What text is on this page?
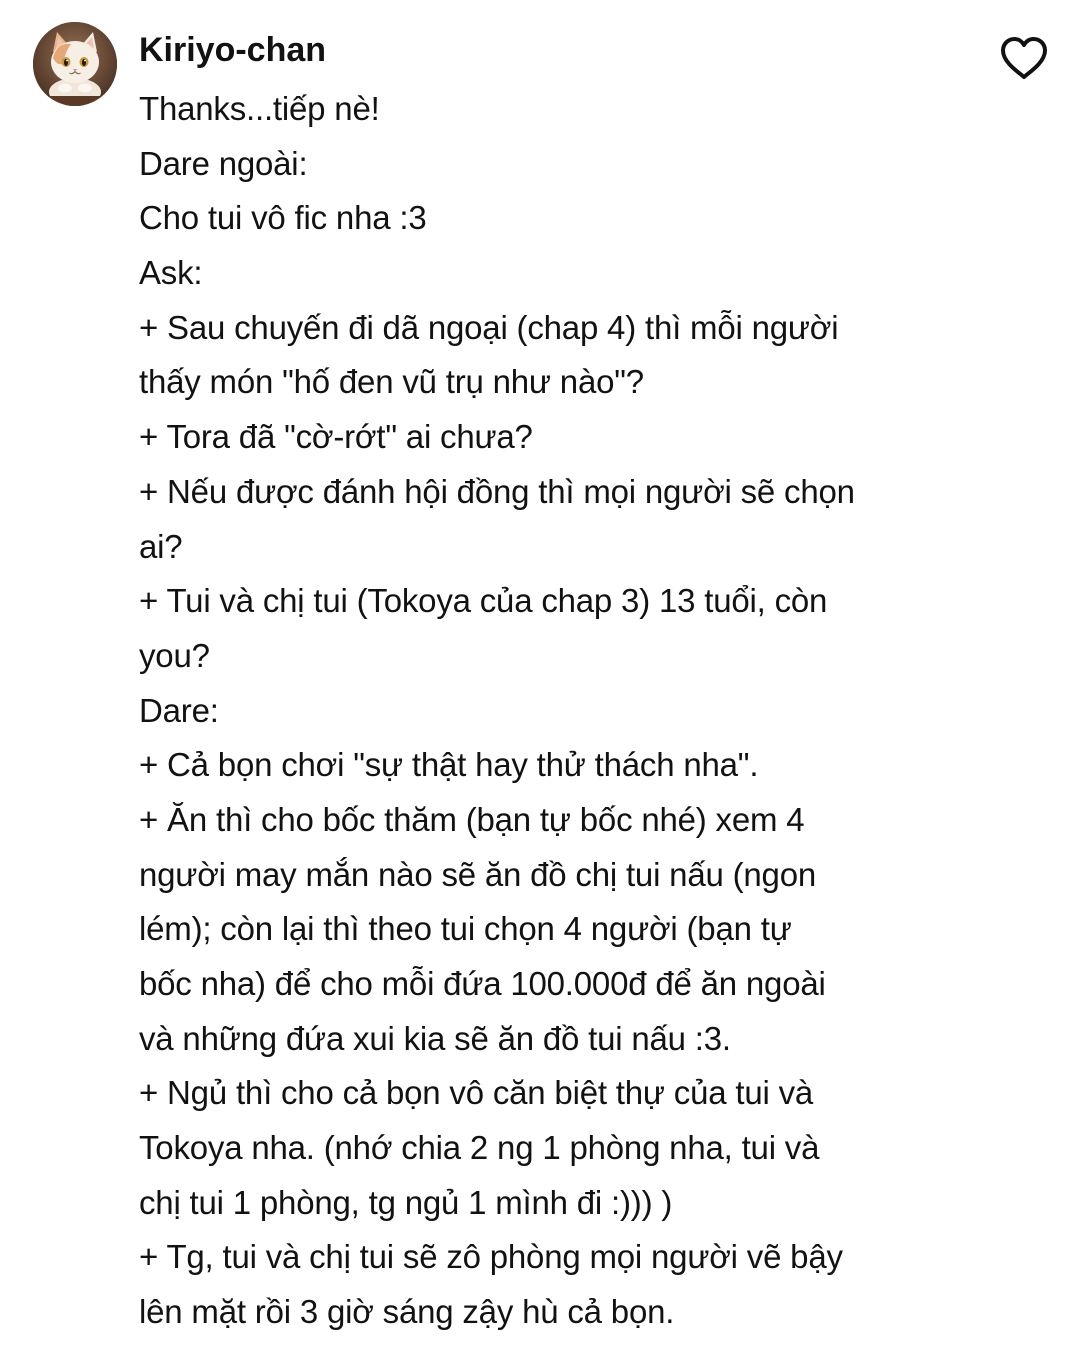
Kiriyo-chan
Thanks...tiếp nè!
Dare ngoài:
Cho tui vô fic nha :3
Ask:
+ Sau chuyến đi dã ngoại (chap 4) thì mỗi người
thấy món "hố đen vũ trụ như nào"?
+ Tora đã "cờ-rớt" ai chưa?
+ Nếu được đánh hội đồng thì mọi người sẽ chọn
ai?
+ Tui và chị tui (Tokoya của chap 3) 13 tuổi, còn
you?
Dare:
+ Cả bọn chơi "sự thật hay thử thách nha".
+ Ăn thì cho bốc thăm (bạn tự bốc nhé) xem 4
người may mắn nào sẽ ăn đồ chị tui nấu (ngon
lém); còn lại thì theo tui chọn 4 người (bạn tự
bốc nha) để cho mỗi đứa 100.000đ để ăn ngoài
và những đứa xui kia sẽ ăn đồ tui nấu :3.
+ Ngủ thì cho cả bọn vô căn biệt thự của tui và
Tokoya nha. (nhớ chia 2 ng 1 phòng nha, tui và
chị tui 1 phòng, tg ngủ 1 mình đi :))) )
+ Tg, tui và chị tui sẽ zô phòng mọi người vẽ bậy
lên mặt rồi 3 giờ sáng zậy hù cả bọn.
